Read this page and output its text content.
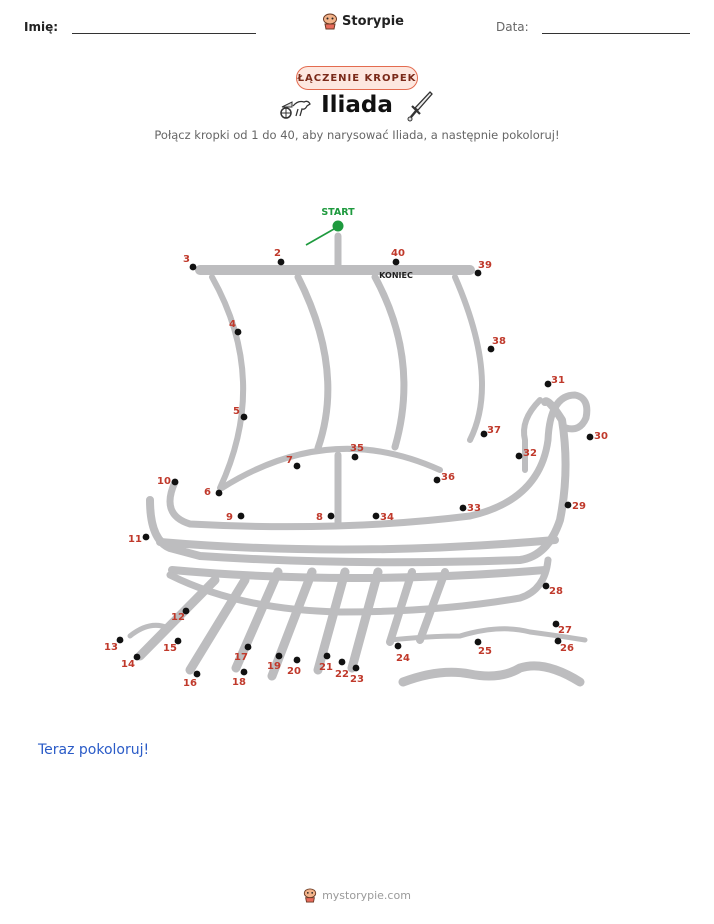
Imię:	Storypie	Data:
ŁĄCZENIE KROPEK
Iliada
Połącz kropki od 1 do 40, aby narysować Iliada, a następnie pokoloruj!
START
KONIEC
2
3
4
5
6
7
8
9
10
11
12
13
14
15
16
17
18
19 20 21
22 23
24
25	26
27
28
29
30
31
32
33
34
35
36
37
38
39
40
Teraz pokoloruj!
mystorypie.com
